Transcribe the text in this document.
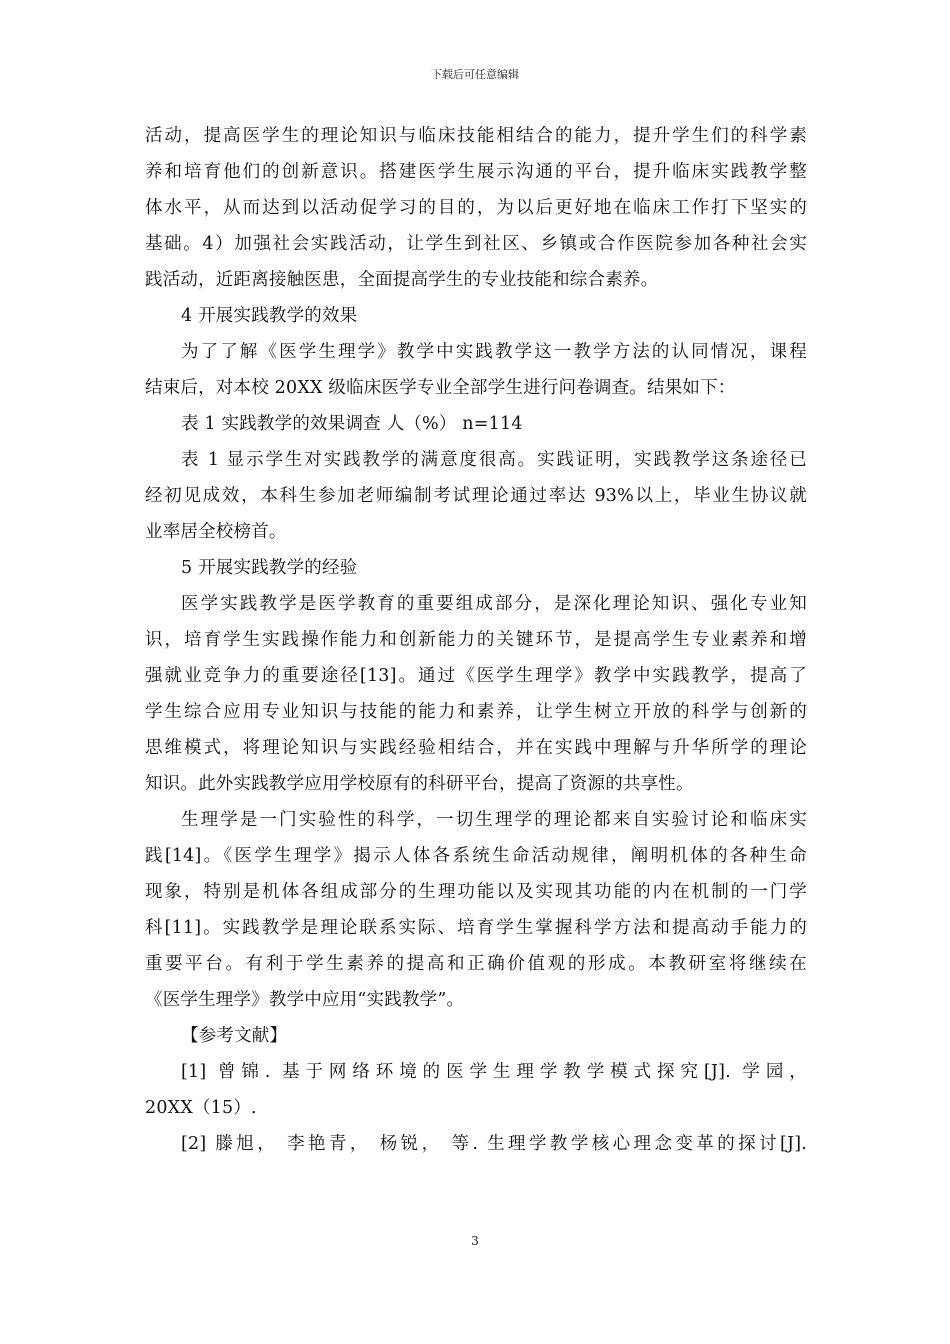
下载后可任意编辑
活动，提高医学生的理论知识与临床技能相结合的能力，提升学生们的科学素
养和培育他们的创新意识。搭建医学生展示沟通的平台，提升临床实践教学整
体水平，从而达到以活动促学习的目的，为以后更好地在临床工作打下坚实的
基础。4）加强社会实践活动，让学生到社区、乡镇或合作医院参加各种社会实
践活动，近距离接触医患，全面提高学生的专业技能和综合素养。
4 开展实践教学的效果
为了了解《医学生理学》教学中实践教学这一教学方法的认同情况，课程
结束后，对本校 20XX 级临床医学专业全部学生进行问卷调查。结果如下：
表 1 实践教学的效果调查 人（%） n=114
表 1 显示学生对实践教学的满意度很高。实践证明，实践教学这条途径已
经初见成效，本科生参加老师编制考试理论通过率达 93%以上，毕业生协议就
业率居全校榜首。
5 开展实践教学的经验
医学实践教学是医学教育的重要组成部分，是深化理论知识、强化专业知
识，培育学生实践操作能力和创新能力的关键环节，是提高学生专业素养和增
强就业竞争力的重要途径[13]。通过《医学生理学》教学中实践教学，提高了
学生综合应用专业知识与技能的能力和素养，让学生树立开放的科学与创新的
思维模式，将理论知识与实践经验相结合，并在实践中理解与升华所学的理论
知识。此外实践教学应用学校原有的科研平台，提高了资源的共享性。
生理学是一门实验性的科学，一切生理学的理论都来自实验讨论和临床实
践[14]。《医学生理学》揭示人体各系统生命活动规律，阐明机体的各种生命
现象，特别是机体各组成部分的生理功能以及实现其功能的内在机制的一门学
科[11]。实践教学是理论联系实际、培育学生掌握科学方法和提高动手能力的
重要平台。有利于学生素养的提高和正确价值观的形成。本教研室将继续在
《医学生理学》教学中应用“实践教学”。
【参考文献】
[1] 曾锦. 基于网络环境的医学生理学教学模式探究[J]. 学园，
20XX（15）.
[2] 滕旭， 李艳青， 杨锐， 等. 生理学教学核心理念变革的探讨[J].
3
